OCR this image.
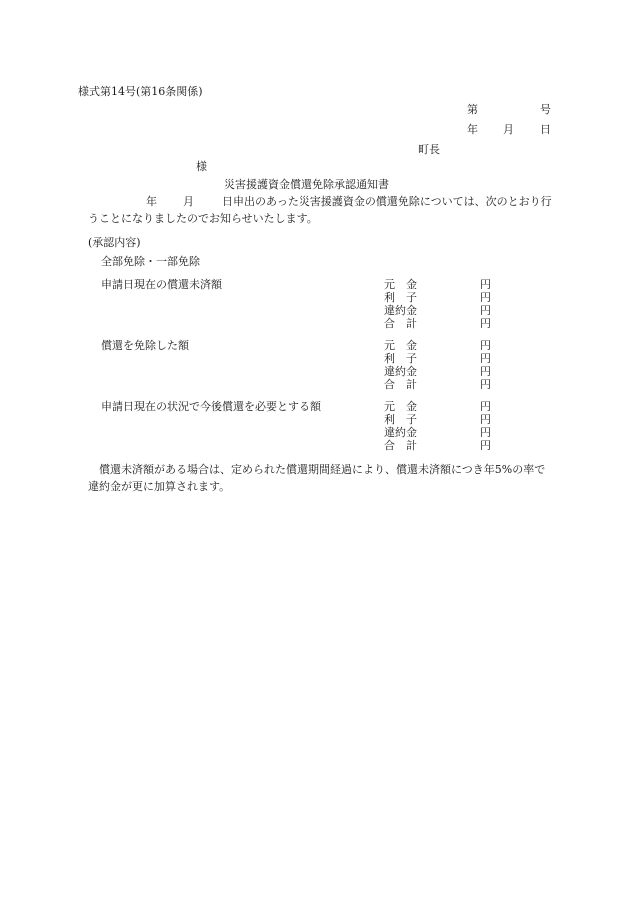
様式第14号(第16条関係)
第	号
年 月 日
町長
様
災害援護資金償還免除承認通知書
年 月	日申出のあった災害援護資金の償還免除については、次のとおり行うことになりましたのでお知らせいたします。
(承認内容)
全部免除・一部免除
申請日現在の償還未済額	元　金	円
利　子	円
違約金	円
合　計	円
償還を免除した額	元　金	円
利　子	円
違約金	円
合　計	円
申請日現在の状況で今後償還を必要とする額	元　金	円
利　子	円
違約金	円
合　計	円
償還未済額がある場合は、定められた償還期間経過により、償還未済額につき年5%の率で違約金が更に加算されます。
